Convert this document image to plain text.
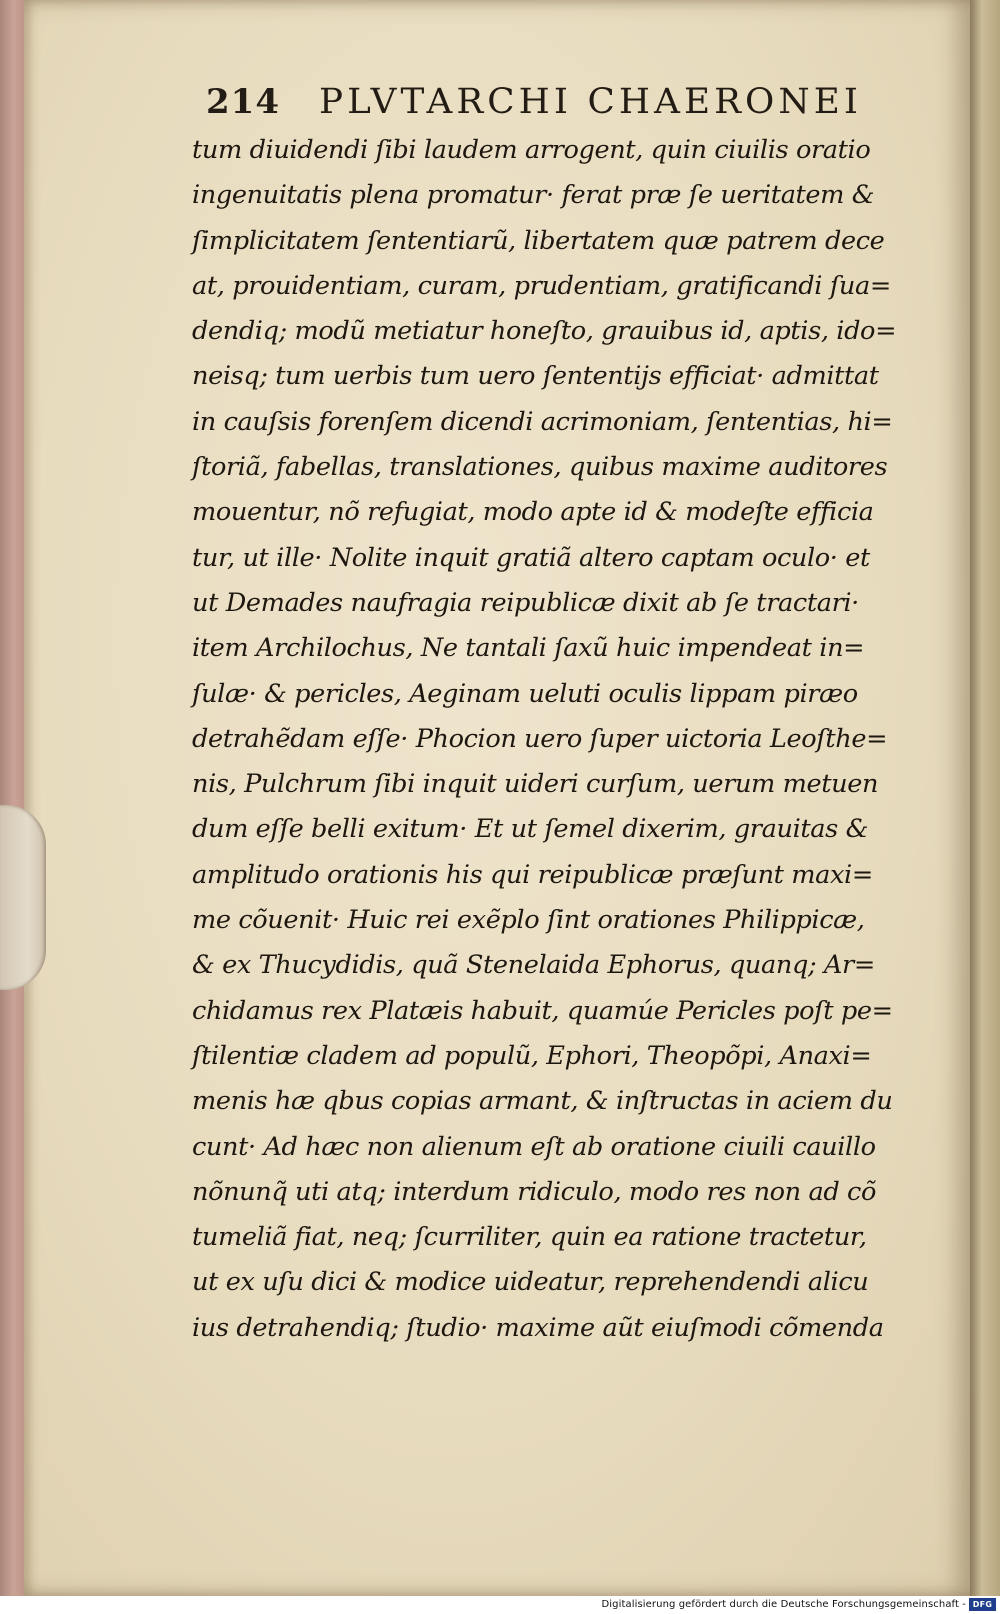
214 PLVTARCHI CHAERONEI
tum diuidendi ſibi laudem arrogent, quin ciuilis oratio
ingenuitatis plena promatur· ferat præ ſe ueritatem &
ſimplicitatem ſententiarũ, libertatem quæ patrem dece
at, prouidentiam, curam, prudentiam, gratificandi ſua=
dendiq; modũ metiatur honeſto, grauibus id, aptis, ido=
neisq; tum uerbis tum uero ſententijs efficiat· admittat
in cauſsis forenſem dicendi acrimoniam, ſententias, hi=
ſtoriã, fabellas, translationes, quibus maxime auditores
mouentur, nõ refugiat, modo apte id & modeſte efficia
tur, ut ille· Nolite inquit gratiã altero captam oculo· et
ut Demades naufragia reipublicæ dixit ab ſe tractari·
item Archilochus, Ne tantali ſaxũ huic impendeat in=
ſulæ· & pericles, Aeginam ueluti oculis lippam piræo
detrahẽdam eſſe· Phocion uero ſuper uictoria Leoſthe=
nis, Pulchrum ſibi inquit uideri curſum, uerum metuen
dum eſſe belli exitum· Et ut ſemel dixerim, grauitas &
amplitudo orationis his qui reipublicæ præſunt maxi=
me cõuenit· Huic rei exẽplo ſint orationes Philippicæ,
& ex Thucydidis, quã Stenelaida Ephorus, quanq; Ar=
chidamus rex Platæis habuit, quamúe Pericles poſt pe=
ſtilentiæ cladem ad populũ, Ephori, Theopõpi, Anaxi=
menis hæ qbus copias armant, & inſtructas in aciem du
cunt· Ad hæc non alienum eſt ab oratione ciuili cauillo
nõnunq̃ uti atq; interdum ridiculo, modo res non ad cõ
tumeliã fiat, neq; ſcurriliter, quin ea ratione tractetur,
ut ex uſu dici & modice uideatur, reprehendendi alicu
ius detrahendiq; ſtudio· maxime aũt eiuſmodi cõmenda
Digitalisierung gefördert durch die Deutsche Forschungsgemeinschaft - DFG
